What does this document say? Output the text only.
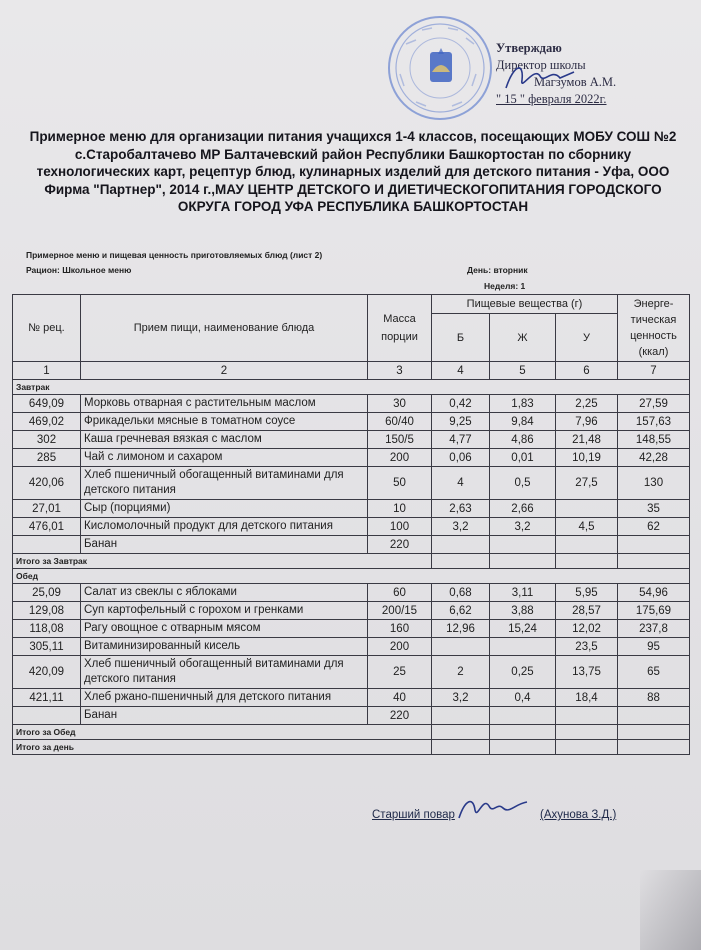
Утверждаю
Директор школы
Магзумов А.М.
" 15 " февраля 2022г.
Примерное меню для организации питания учащихся 1-4 классов, посещающих МОБУ СОШ №2 с.Старобалтачево МР Балтачевский район Республики Башкортостан по сборнику технологических карт, рецептур блюд, кулинарных изделий для детского питания - Уфа, ООО Фирма "Партнер", 2014 г.,МАУ ЦЕНТР ДЕТСКОГО И ДИЕТИЧЕСКОГОПИТАНИЯ ГОРОДСКОГО ОКРУГА ГОРОД УФА РЕСПУБЛИКА БАШКОРТОСТАН
Примерное меню и пищевая ценность приготовляемых блюд (лист 2)
Рацион: Школьное меню	День: вторник
Неделя: 1
№ рец.	Прием пищи, наименование блюда	Масса порции	Пищевые вещества (г)			Энерге-тическая ценность (ккал)
			Б	Ж	У	
1	2	3	4	5	6	7
Завтрак						
649,09	Морковь отварная с растительным маслом	30	0,42	1,83	2,25	27,59
469,02	Фрикадельки мясные в томатном соусе	60/40	9,25	9,84	7,96	157,63
302	Каша гречневая вязкая с маслом	150/5	4,77	4,86	21,48	148,55
285	Чай с лимоном и сахаром	200	0,06	0,01	10,19	42,28
420,06	Хлеб пшеничный обогащенный витаминами для детского питания	50	4	0,5	27,5	130
27,01	Сыр (порциями)	10	2,63	2,66		35
476,01	Кисломолочный продукт для детского питания	100	3,2	3,2	4,5	62
	Банан	220				
Итого за Завтрак						
Обед						
25,09	Салат из свеклы с яблоками	60	0,68	3,11	5,95	54,96
129,08	Суп картофельный с горохом и гренками	200/15	6,62	3,88	28,57	175,69
118,08	Рагу овощное с отварным мясом	160	12,96	15,24	12,02	237,8
305,11	Витаминизированный кисель	200			23,5	95
420,09	Хлеб пшеничный обогащенный витаминами для детского питания	25	2	0,25	13,75	65
421,11	Хлеб ржано-пшеничный для детского питания	40	3,2	0,4	18,4	88
	Банан	220				
Итого за Обед						
Итого за день						
Старший повар	(Ахунова З.Д.)
